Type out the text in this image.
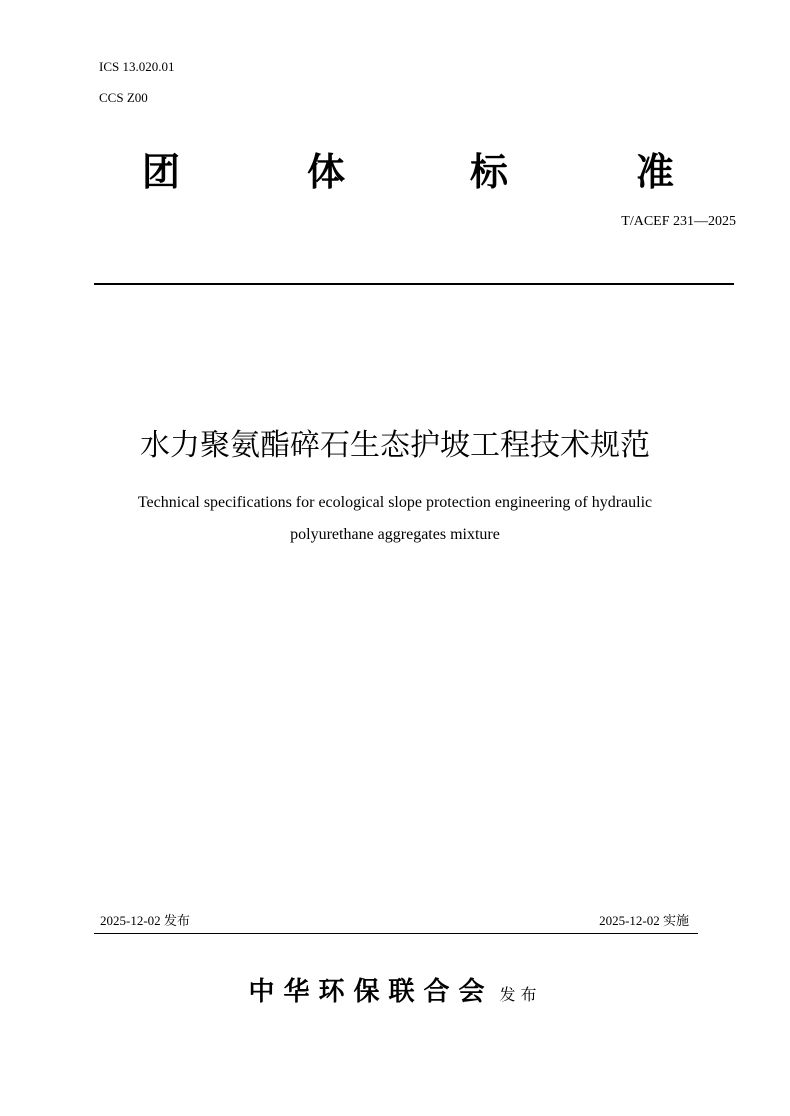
ICS 13.020.01
CCS Z00
团	体	标	准
T/ACEF 231—2025
水力聚氨酯碎石生态护坡工程技术规范
Technical specifications for ecological slope protection engineering of hydraulic
polyurethane aggregates mixture
2025-12-02 发布	2025-12-02 实施
中华环保联合会 发布
